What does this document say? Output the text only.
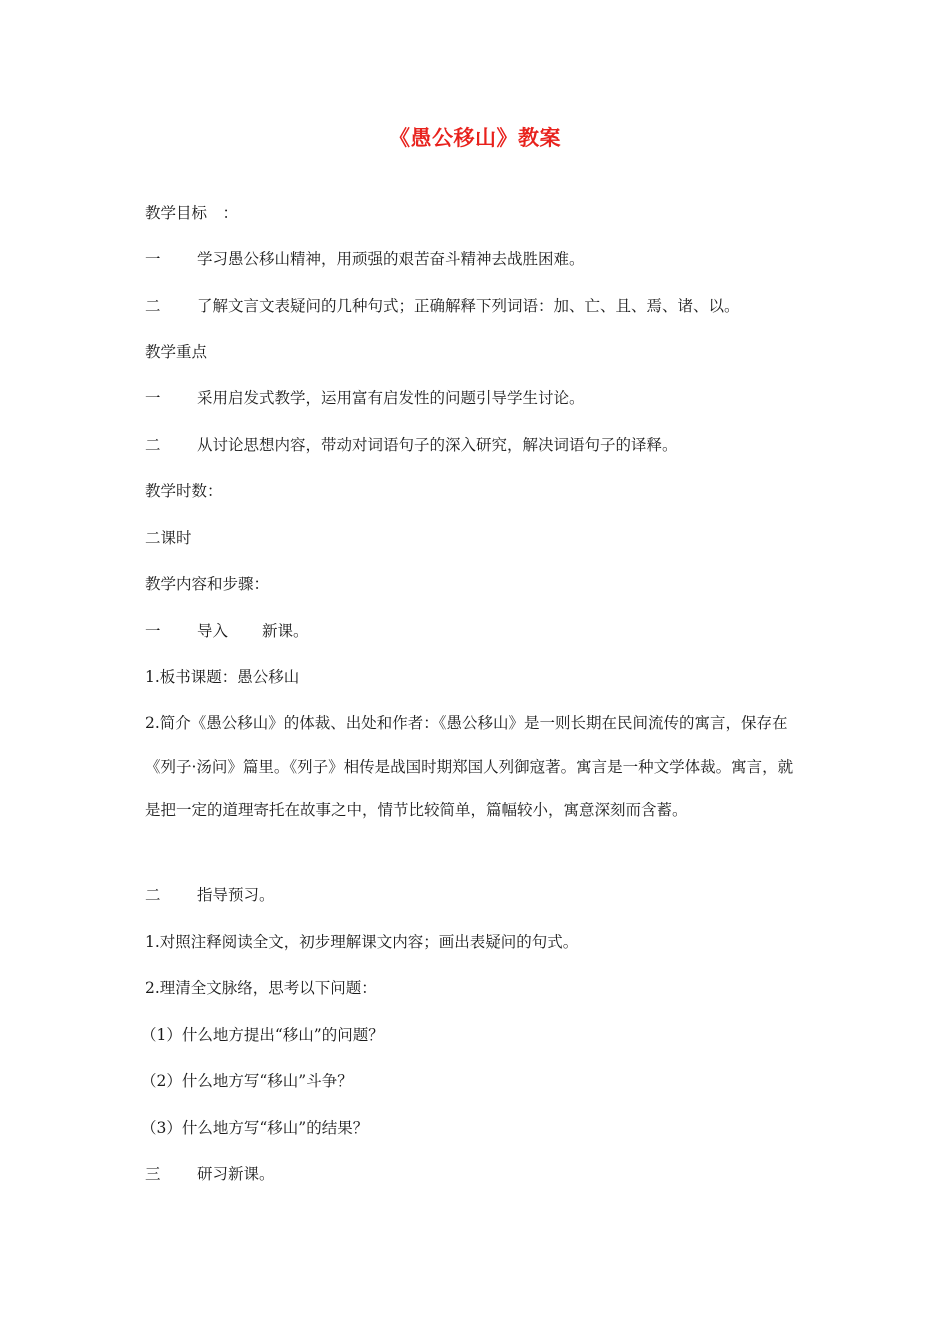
《愚公移山》教案
教学目标　：
一 学习愚公移山精神，用顽强的艰苦奋斗精神去战胜困难。
二 了解文言文表疑问的几种句式；正确解释下列词语：加、亡、且、焉、诸、以。
教学重点
一 采用启发式教学，运用富有启发性的问题引导学生讨论。
二 从讨论思想内容，带动对词语句子的深入研究，解决词语句子的译释。
教学时数：
二课时
教学内容和步骤：
一 导入 新课。
1.板书课题：愚公移山
2.简介《愚公移山》的体裁、出处和作者：《愚公移山》是一则长期在民间流传的寓言，保存在《列子·汤问》篇里。《列子》相传是战国时期郑国人列御寇著。寓言是一种文学体裁。寓言，就是把一定的道理寄托在故事之中，情节比较简单，篇幅较小，寓意深刻而含蓄。
二 指导预习。
1.对照注释阅读全文，初步理解课文内容；画出表疑问的句式。
2.理清全文脉络，思考以下问题：
（1）什么地方提出“移山”的问题？
（2）什么地方写“移山”斗争？
（3）什么地方写“移山”的结果？
三 研习新课。
